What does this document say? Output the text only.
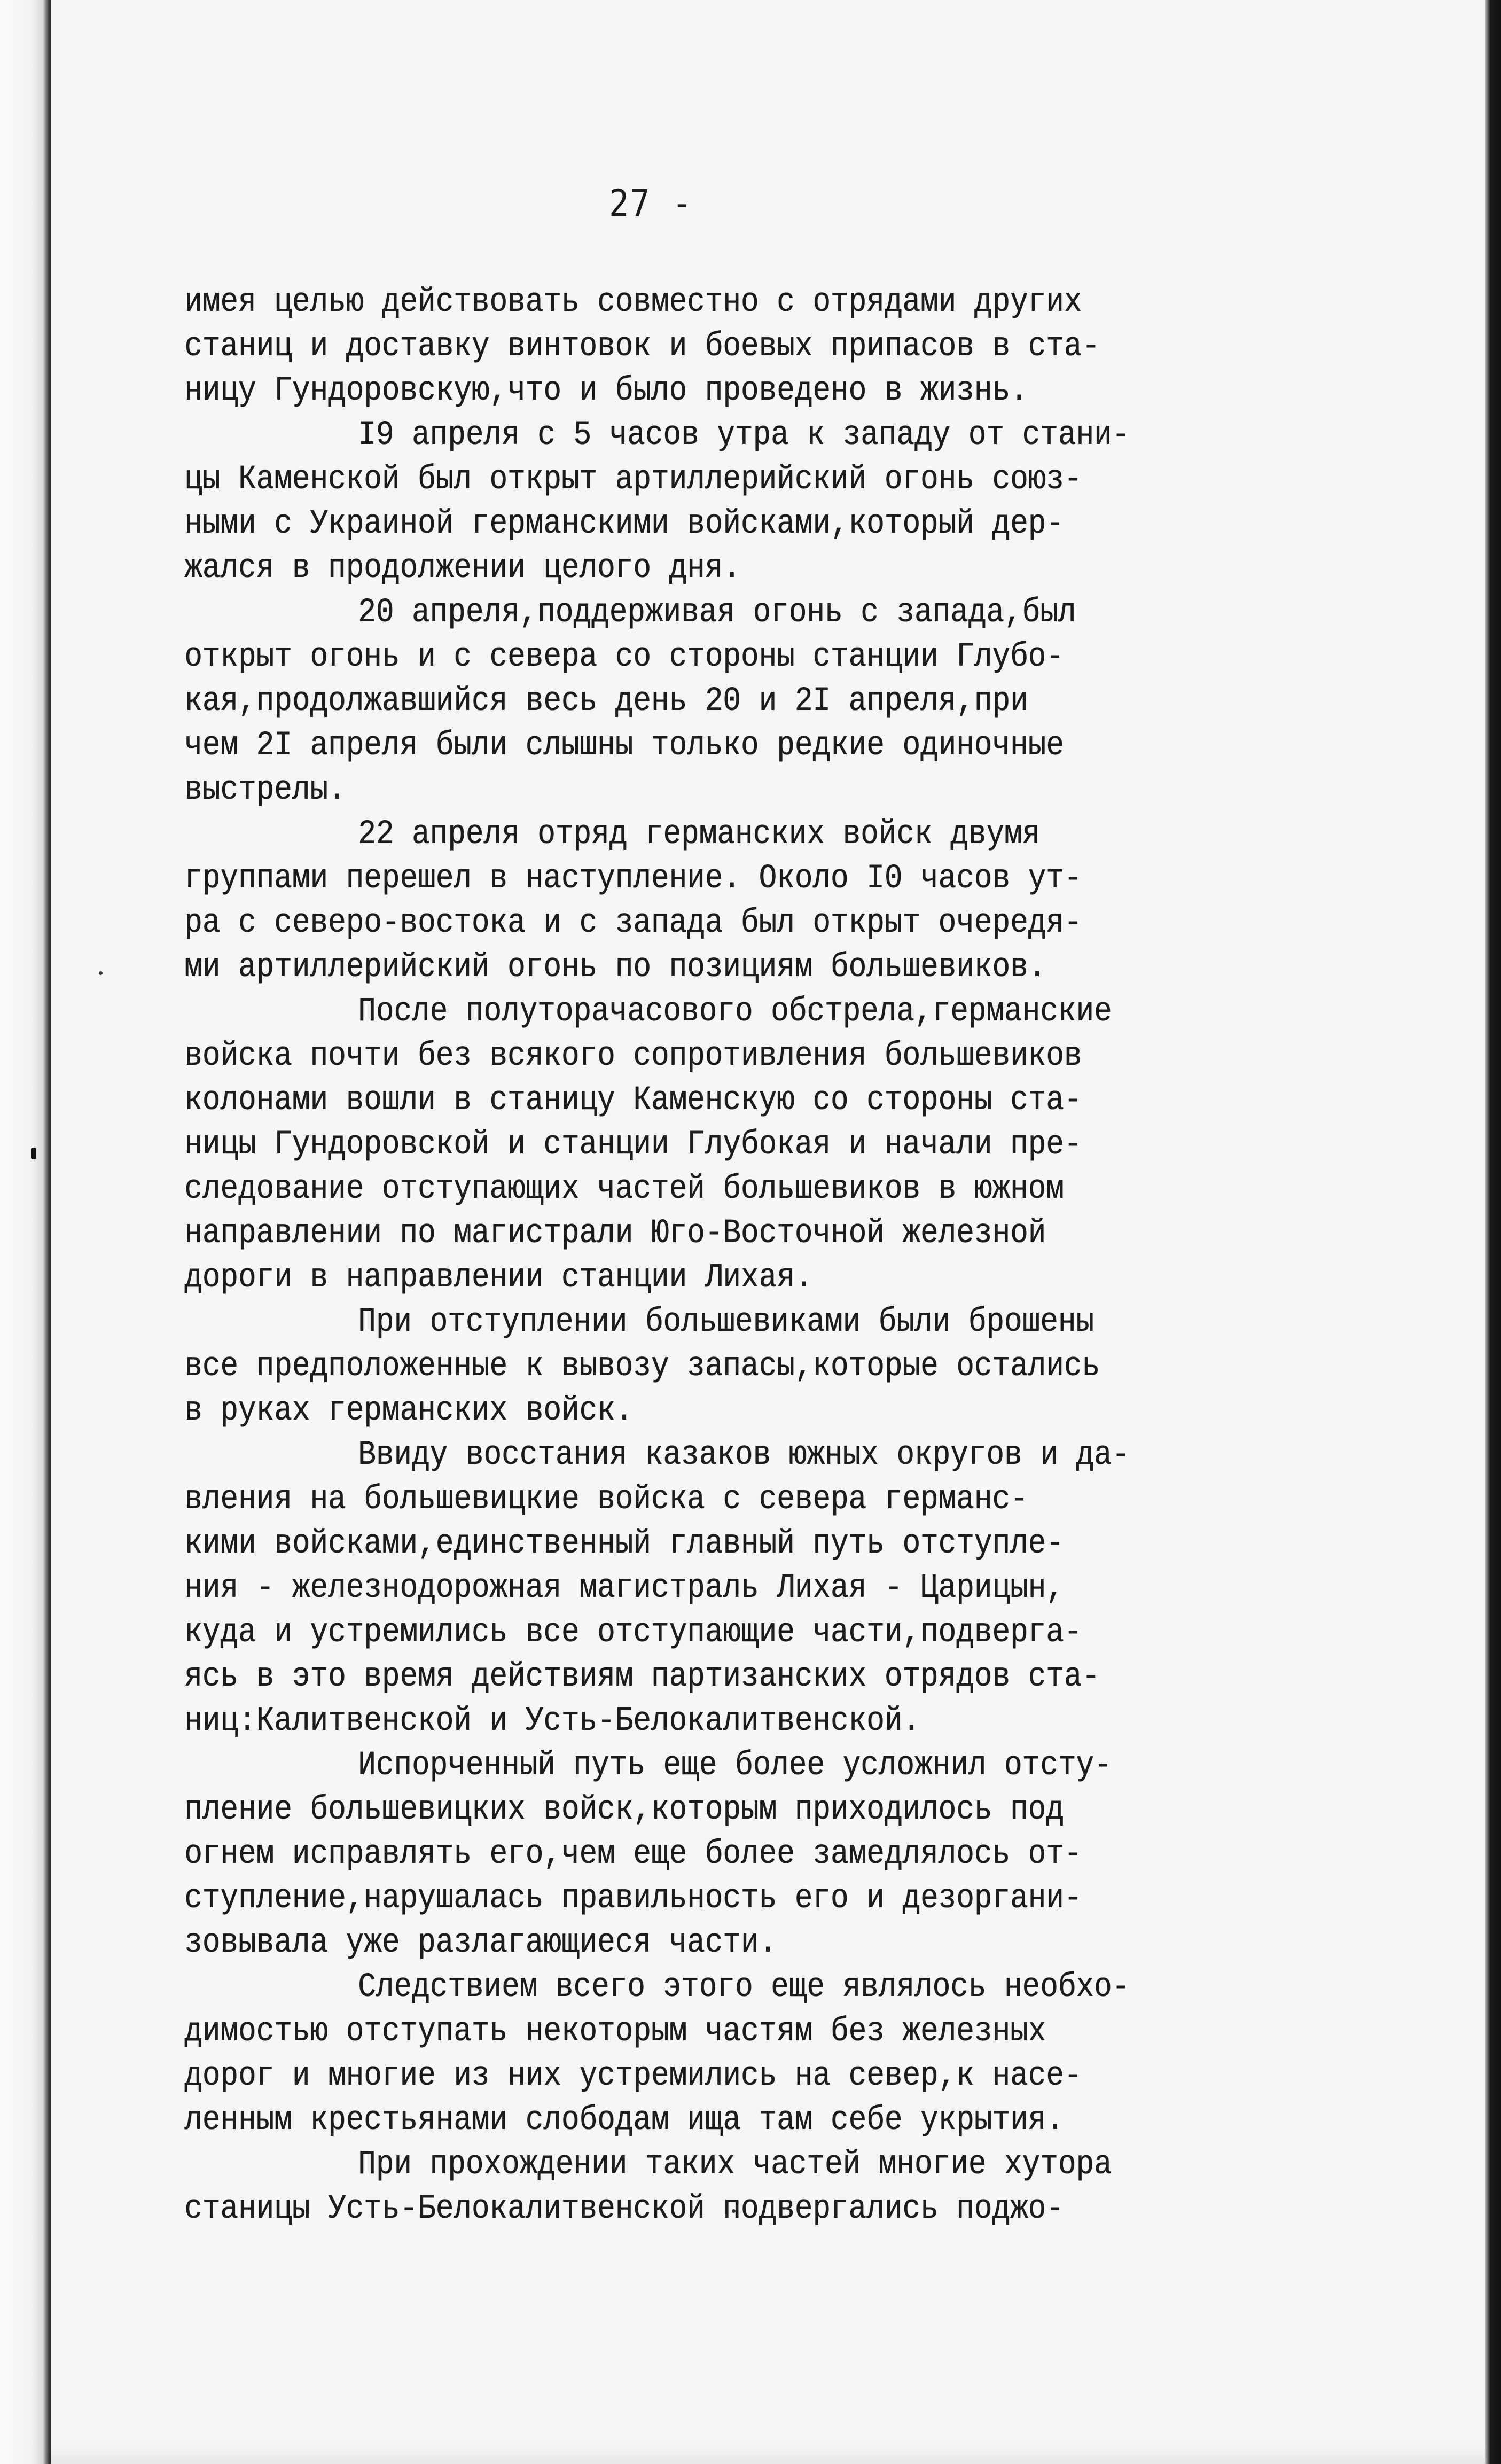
27 -

имея целью действовать совместно с отрядами других

станиц и доставку винтовок и боевых припасов в ста-

ницу Гундоровскую,что и было проведено в жизнь.

I9 апреля с 5 часов утра к западу от стани-

цы Каменской был открыт артиллерийский огонь союз-

ными с Украиной германскими войсками,который дер-

жался в продолжении целого дня.

20 апреля,поддерживая огонь с запада,был

открыт огонь и с севера со стороны станции Глубо-

кая,продолжавшийся весь день 20 и 2I апреля,при

чем 2I апреля были слышны только редкие одиночные

выстрелы.

22 апреля отряд германских войск двумя

группами перешел в наступление. Около I0 часов ут-

ра с северо-востока и с запада был открыт очередя-

ми артиллерийский огонь по позициям большевиков.

После полуторачасового обстрела,германские

войска почти без всякого сопротивления большевиков

колонами вошли в станицу Каменскую со стороны ста-

ницы Гундоровской и станции Глубокая и начали пре-

следование отступающих частей большевиков в южном

направлении по магистрали Юго-Восточной железной

дороги в направлении станции Лихая.

При отступлении большевиками были брошены

все предположенные к вывозу запасы,которые остались

в руках германских войск.

Ввиду восстания казаков южных округов и да-

вления на большевицкие войска с севера германс-

кими войсками,единственный главный путь отступле-

ния - железнодорожная магистраль Лихая - Царицын,

куда и устремились все отступающие части,подверга-

ясь в это время действиям партизанских отрядов ста-

ниц:Калитвенской и Усть-Белокалитвенской.

Испорченный путь еще более усложнил отсту-

пление большевицких войск,которым приходилось под

огнем исправлять его,чем еще более замедлялось от-

ступление,нарушалась правильность его и дезоргани-

зовывала уже разлагающиеся части.

Следствием всего этого еще являлось необхо-

димостью отступать некоторым частям без железных

дорог и многие из них устремились на север,к насе-

ленным крестьянами слободам ища там себе укрытия.

При прохождении таких частей многие хутора

станицы Усть-Белокалитвенской подвергались поджо-
